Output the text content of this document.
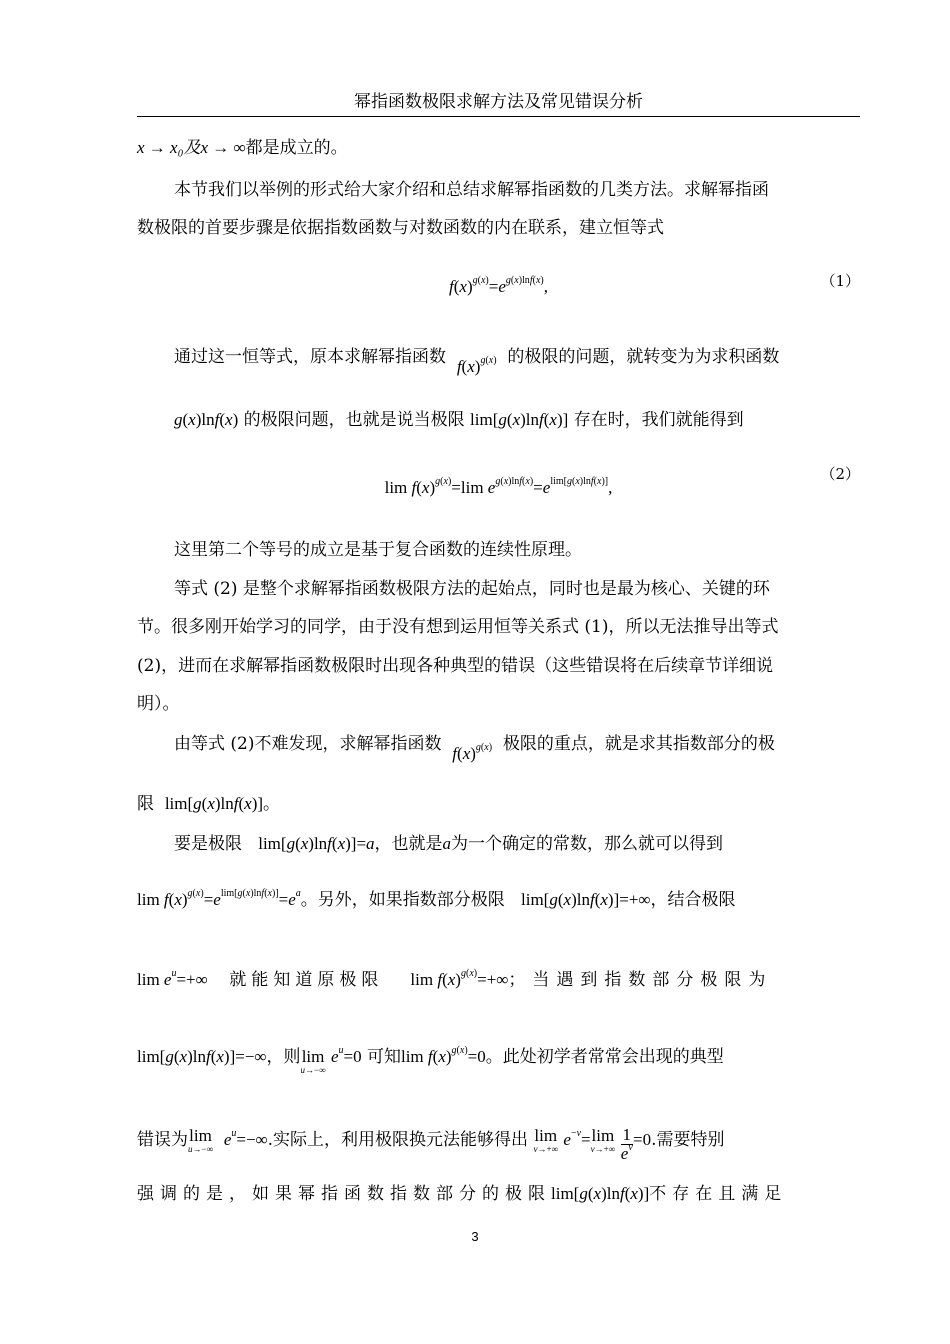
幂指函数极限求解方法及常见错误分析
x → x₀及x → ∞都是成立的。
本节我们以举例的形式给大家介绍和总结求解幂指函数的几类方法。求解幂指函
数极限的首要步骤是依据指数函数与对数函数的内在联系，建立恒等式
$f(x)^{g(x)}=e^{g(x)lnf(x)}$,	（1）
通过这一恒等式，原本求解幂指函数 $f(x)^{g(x)}$ 的极限的问题，就转变为为求积函数
g(x)lnf(x) 的极限问题，也就是说当极限 lim[g(x)lnf(x)] 存在时，我们就能得到
$\lim f(x)^{g(x)}=\lim$ $e^{g(x)lnf(x)}=e^{lim[g(x)lnf(x)]}$,
（2）
这里第二个等号的成立是基于复合函数的连续性原理。
等式 (2) 是整个求解幂指函数极限方法的起始点，同时也是最为核心、关键的环
节。很多刚开始学习的同学，由于没有想到运用恒等关系式 (1)，所以无法推导出等式
(2)，进而在求解幂指函数极限时出现各种典型的错误（这些错误将在后续章节详细说
明）。
由等式 (2)不难发现，求解幂指函数 $f(x)^{g(x)}$ 极限的重点，就是求其指数部分的极
限 lim[g(x)lnf(x)]。
要是极限 lim[g(x)lnf(x)]=a，也就是a为一个确定的常数，那么就可以得到
$\lim f(x)^{g(x)}=e^{lim[g(x)lnf(x)]}=e^a$。另外，如果指数部分极限 lim[g(x)lnf(x)]=+∞，结合极限
$\lim e^u=+\infty$ 就能知道原极限 $\lim f(x)^{g(x)}=+\infty$；当遇到指数部分极限为
lim[g(x)lnf(x)]=−∞，则lim
u→−∞
$e^u=0$ 可知$\lim f(x)^{g(x)}=0$。此处初学者常常会出现的典型
错误为lim
u→−∞ $e^u=-\infty$.实际上，利用极限换元法能够得出 lim
v→+∞ $e^{-v}=\lim$
v→+∞
$\frac{1}{e^v} =0$.需要特别
强调的是，如果幂指函数指数部分的极限lim[g(x)lnf(x)]不存在且满足
3
